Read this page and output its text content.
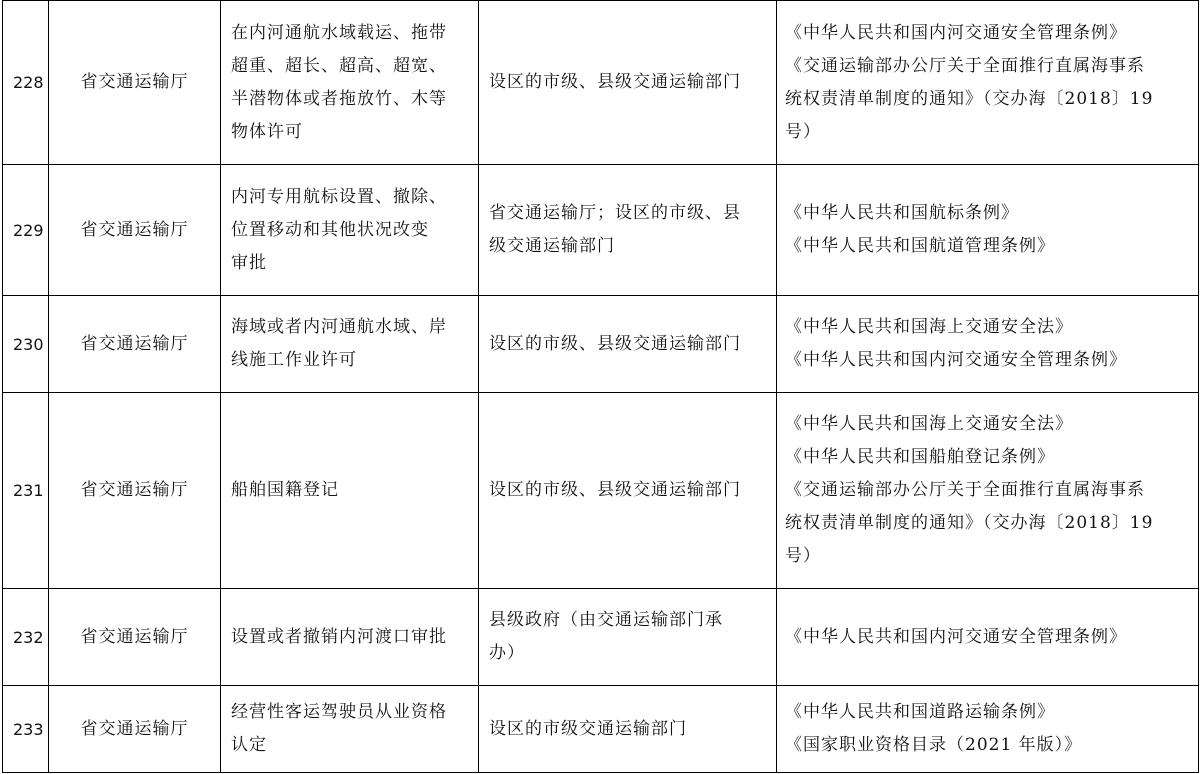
228	省交通运输厅	在内河通航水域载运、拖带
超重、超长、超高、超宽、
半潜物体或者拖放竹、木等
物体许可	设区的市级、县级交通运输部门	《中华人民共和国内河交通安全管理条例》
《交通运输部办公厅关于全面推行直属海事系
统权责清单制度的通知》（交办海〔2018〕19
号）

229	省交通运输厅	内河专用航标设置、撤除、
位置移动和其他状况改变
审批	省交通运输厅；设区的市级、县
级交通运输部门	《中华人民共和国航标条例》
《中华人民共和国航道管理条例》

230	省交通运输厅	海域或者内河通航水域、岸
线施工作业许可	设区的市级、县级交通运输部门	《中华人民共和国海上交通安全法》
《中华人民共和国内河交通安全管理条例》

231	省交通运输厅	船舶国籍登记	设区的市级、县级交通运输部门	《中华人民共和国海上交通安全法》
《中华人民共和国船舶登记条例》
《交通运输部办公厅关于全面推行直属海事系
统权责清单制度的通知》（交办海〔2018〕19
号）

232	省交通运输厅	设置或者撤销内河渡口审批	县级政府（由交通运输部门承
办）	《中华人民共和国内河交通安全管理条例》

233	省交通运输厅	经营性客运驾驶员从业资格
认定	设区的市级交通运输部门	《中华人民共和国道路运输条例》
《国家职业资格目录（2021 年版）》
